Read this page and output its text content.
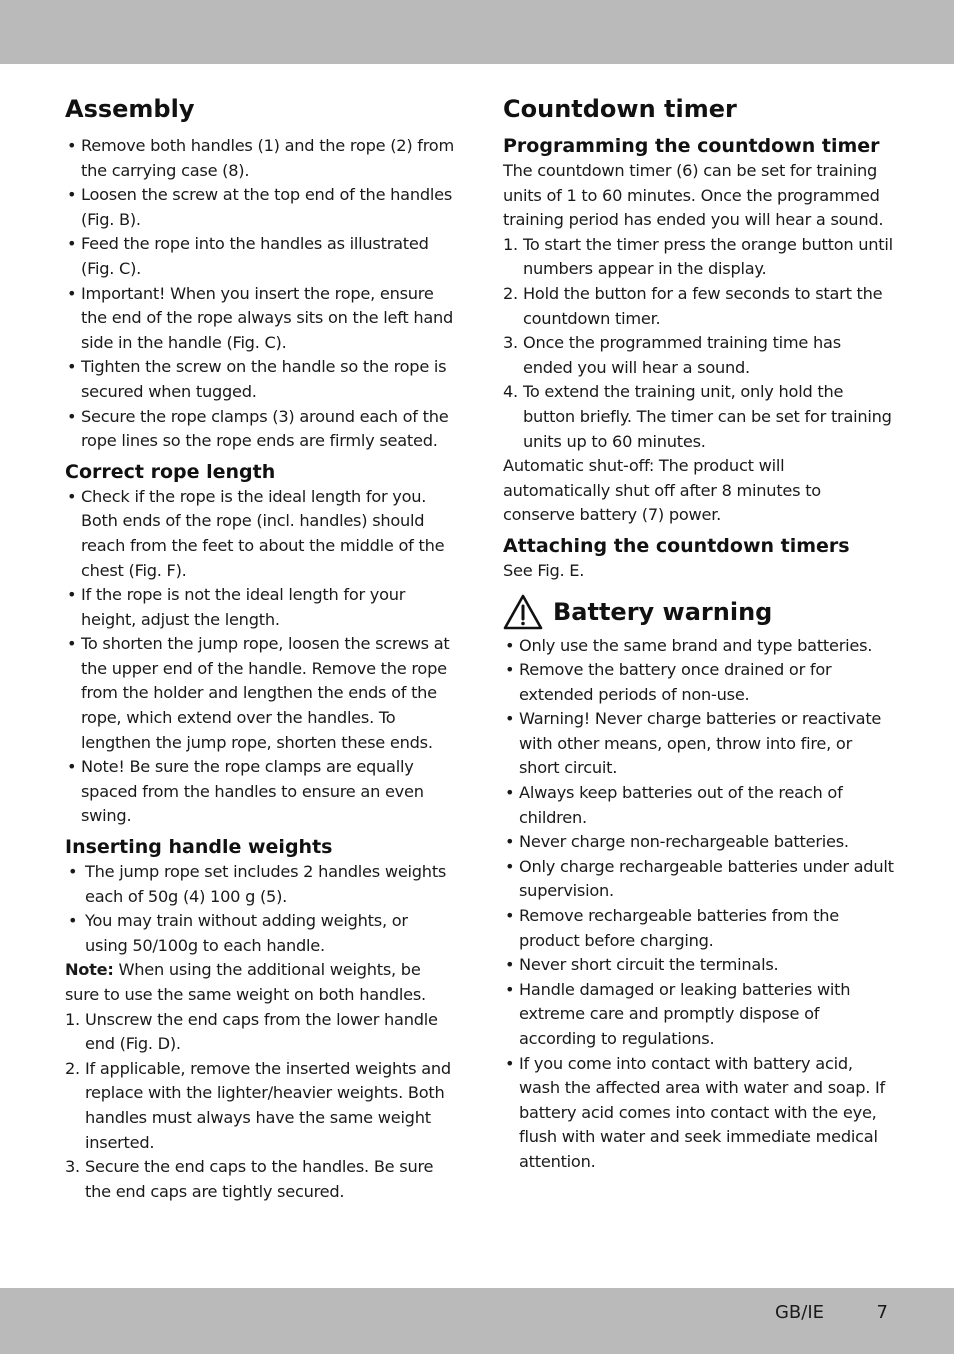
Assembly
• Remove both handles (1) and the rope (2) from the carrying case (8).
• Loosen the screw at the top end of the handles (Fig. B).
• Feed the rope into the handles as illustrated (Fig. C).
• Important! When you insert the rope, ensure the end of the rope always sits on the left hand side in the handle (Fig. C).
• Tighten the screw on the handle so the rope is secured when tugged.
• Secure the rope clamps (3) around each of the rope lines so the rope ends are firmly seated.
Correct rope length
• Check if the rope is the ideal length for you. Both ends of the rope (incl. handles) should reach from the feet to about the middle of the chest (Fig. F).
• If the rope is not the ideal length for your height, adjust the length.
• To shorten the jump rope, loosen the screws at the upper end of the handle. Remove the rope from the holder and lengthen the ends of the rope, which extend over the handles. To lengthen the jump rope, shorten these ends.
• Note! Be sure the rope clamps are equally spaced from the handles to ensure an even swing.
Inserting handle weights
• The jump rope set includes 2 handles weights each of 50g (4) 100 g (5).
• You may train without adding weights, or using 50/100g to each handle.

Note: When using the additional weights, be sure to use the same weight on both handles.

1. Unscrew the end caps from the lower handle end (Fig. D).
2. If applicable, remove the inserted weights and replace with the lighter/heavier weights. Both handles must always have the same weight inserted.
3. Secure the end caps to the handles. Be sure the end caps are tightly secured.
Countdown timer
Programming the countdown timer

The countdown timer (6) can be set for training units of 1 to 60 minutes. Once the programmed training period has ended you will hear a sound.

1. To start the timer press the orange button until numbers appear in the display.
2. Hold the button for a few seconds to start the countdown timer.
3. Once the programmed training time has ended you will hear a sound.
4. To extend the training unit, only hold the button briefly. The timer can be set for training units up to 60 minutes.

Automatic shut-off: The product will automatically shut off after 8 minutes to conserve battery (7) power.

Attaching the countdown timers

See Fig. E.

Battery warning
• Only use the same brand and type batteries.
• Remove the battery once drained or for extended periods of non-use.
• Warning! Never charge batteries or reactivate with other means, open, throw into fire, or short circuit.
• Always keep batteries out of the reach of children.
• Never charge non-rechargeable batteries.
• Only charge rechargeable batteries under adult supervision.
• Remove rechargeable batteries from the product before charging.
• Never short circuit the terminals.
• Handle damaged or leaking batteries with extreme care and promptly dispose of according to regulations.
• If you come into contact with battery acid, wash the affected area with water and soap. If battery acid comes into contact with the eye, flush with water and seek immediate medical attention.
GB/IE	7
